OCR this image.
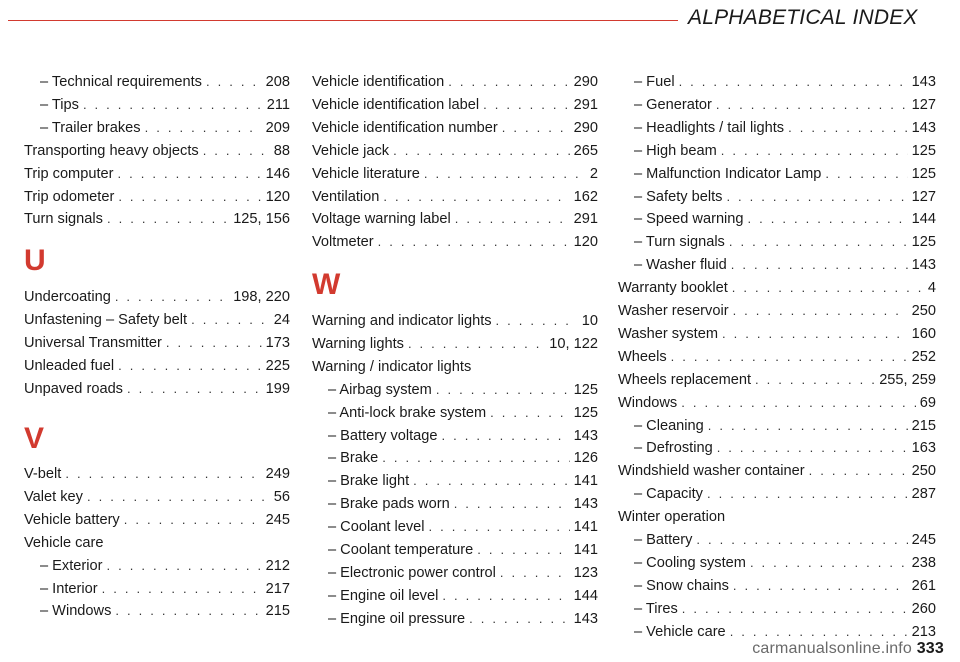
ALPHABETICAL INDEX
– Technical requirements . . .	208
– Tips . . .	211
– Trailer brakes . . .	209
Transporting heavy objects . . .	88
Trip computer . . .	146
Trip odometer . . .	120
Turn signals . . .	125, 156
Undercoating . . .	198, 220
Unfastening – Safety belt . . .	24
Universal Transmitter . . .	173
Unleaded fuel . . .	225
Unpaved roads . . .	199
V-belt . . .	249
Valet key . . .	56
Vehicle battery . . .	245
Vehicle care
– Exterior . . .	212
– Interior . . .	217
– Windows . . .	215
U
V
Vehicle identification . . .	290
Vehicle identification label . . .	291
Vehicle identification number . . .	290
Vehicle jack . . .	265
Vehicle literature . . .	2
Ventilation . . .	162
Voltage warning label . . .	291
Voltmeter . . .	120
Warning and indicator lights . . .	10
Warning lights . . .	10, 122
Warning / indicator lights
– Airbag system . . .	125
– Anti-lock brake system . . .	125
– Battery voltage . . .	143
– Brake . . .	126
– Brake light . . .	141
– Brake pads worn . . .	143
– Coolant level . . .	141
– Coolant temperature . . .	141
– Electronic power control . . .	123
– Engine oil level . . .	144
– Engine oil pressure . . .	143
W
– Fuel . . .	143
– Generator . . .	127
– Headlights / tail lights . . .	143
– High beam . . .	125
– Malfunction Indicator Lamp . . .	125
– Safety belts . . .	127
– Speed warning . . .	144
– Turn signals . . .	125
– Washer fluid . . .	143
Warranty booklet . . .	4
Washer reservoir . . .	250
Washer system . . .	160
Wheels . . .	252
Wheels replacement . . .	255, 259
Windows . . .	69
– Cleaning . . .	215
– Defrosting . . .	163
Windshield washer container . . .	250
– Capacity . . .	287
Winter operation
– Battery . . .	245
– Cooling system . . .	238
– Snow chains . . .	261
– Tires . . .	260
– Vehicle care . . .	213
carmanualsonline.info 333
